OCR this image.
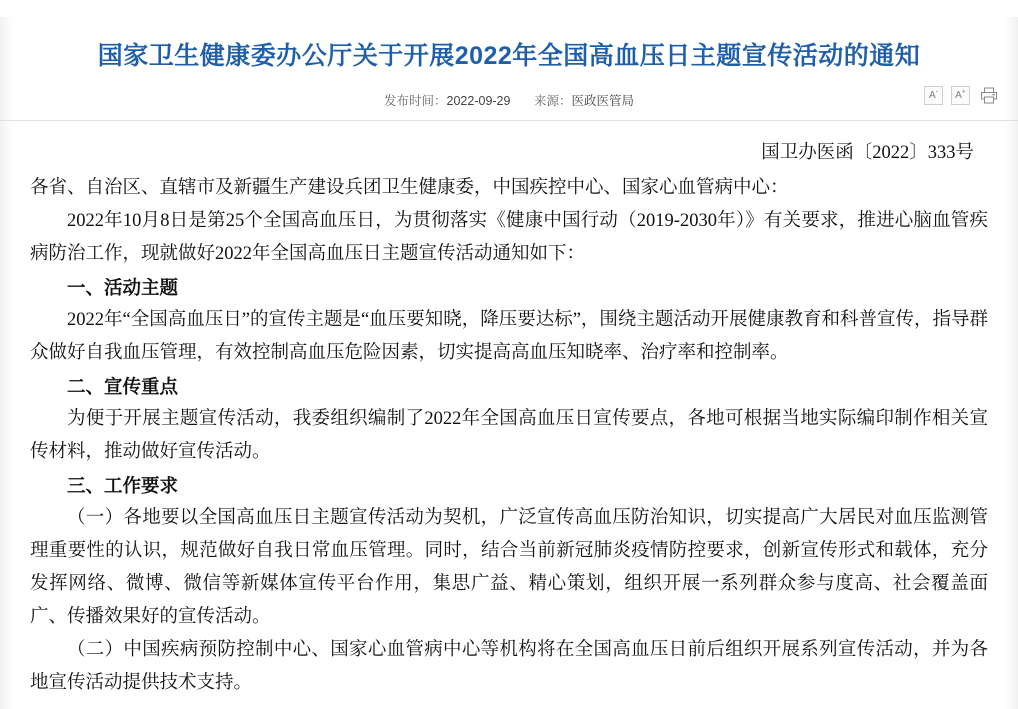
国家卫生健康委办公厅关于开展2022年全国高血压日主题宣传活动的通知
发布时间：2022-09-29 来源：医政医管局	A-	A+
国卫办医函〔2022〕333号

各省、自治区、直辖市及新疆生产建设兵团卫生健康委，中国疾控中心、国家心血管病中心：

2022年10月8日是第25个全国高血压日，为贯彻落实《健康中国行动（2019-2030年）》有关要求，推进心脑血管疾病防治工作，现就做好2022年全国高血压日主题宣传活动通知如下：

一、活动主题

2022年“全国高血压日”的宣传主题是“血压要知晓，降压要达标”，围绕主题活动开展健康教育和科普宣传，指导群众做好自我血压管理，有效控制高血压危险因素，切实提高高血压知晓率、治疗率和控制率。

二、宣传重点

为便于开展主题宣传活动，我委组织编制了2022年全国高血压日宣传要点，各地可根据当地实际编印制作相关宣传材料，推动做好宣传活动。

三、工作要求

（一）各地要以全国高血压日主题宣传活动为契机，广泛宣传高血压防治知识，切实提高广大居民对血压监测管理重要性的认识，规范做好自我日常血压管理。同时，结合当前新冠肺炎疫情防控要求，创新宣传形式和载体，充分发挥网络、微博、微信等新媒体宣传平台作用，集思广益、精心策划，组织开展一系列群众参与度高、社会覆盖面广、传播效果好的宣传活动。

（二）中国疾病预防控制中心、国家心血管病中心等机构将在全国高血压日前后组织开展系列宣传活动，并为各地宣传活动提供技术支持。
